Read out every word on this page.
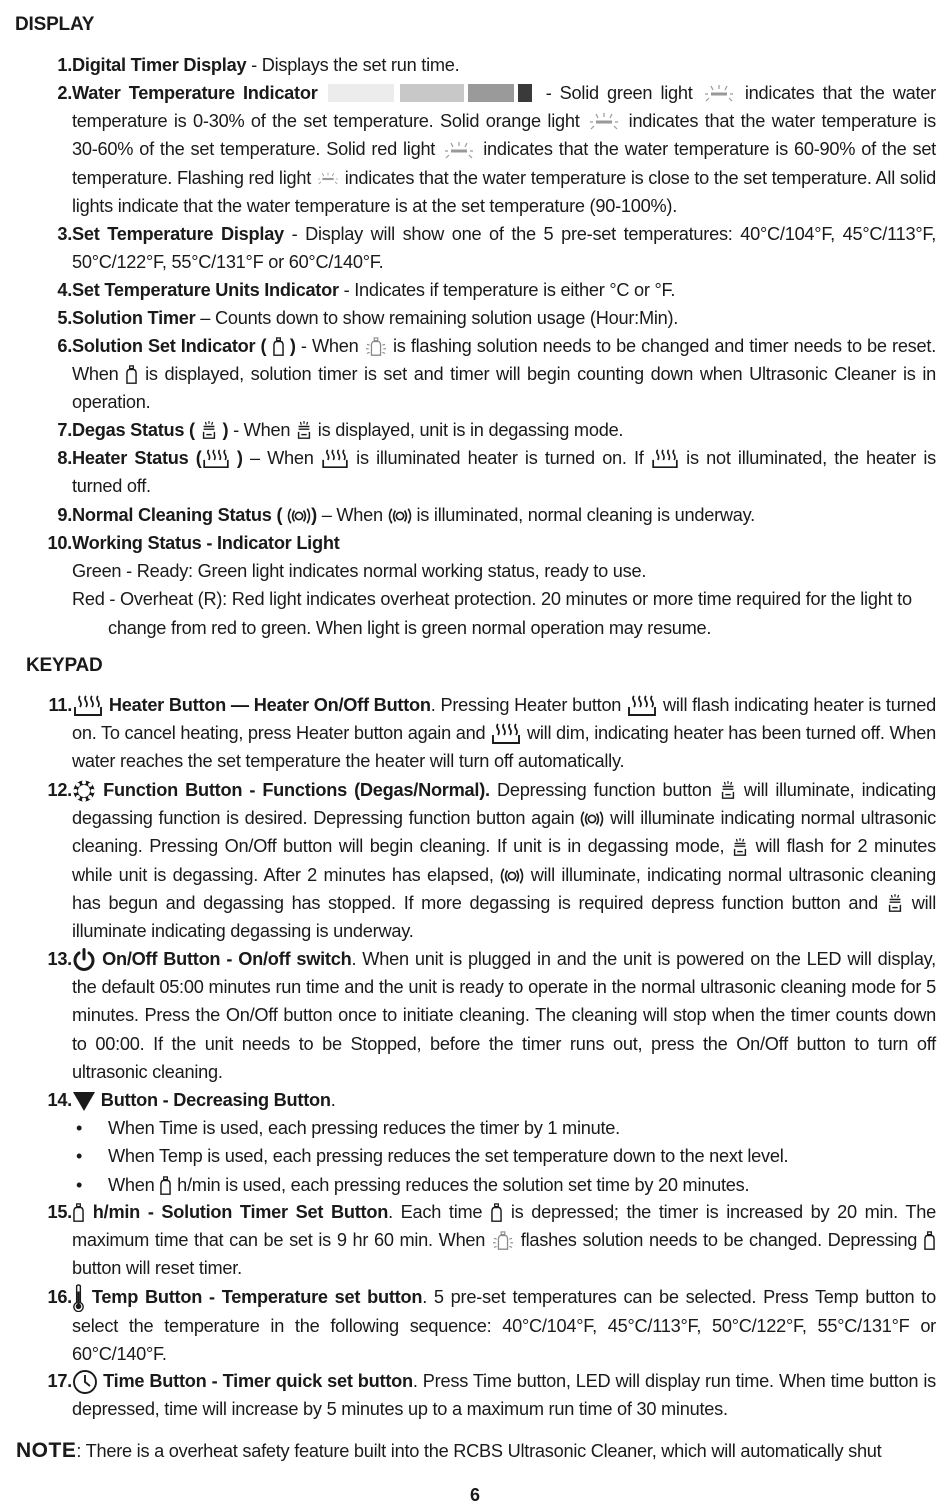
DISPLAY
1. Digital Timer Display - Displays the set run time.
2. Water Temperature Indicator	- Solid green light  indicates that the water temperature is 0-30% of the set temperature. Solid orange light  indicates that the water temperature is 30-60% of the set temperature. Solid red light  indicates that the water temperature is 60-90% of the set temperature. Flashing red light  indicates that the water temperature is close to the set temperature. All solid lights indicate that the water temperature is at the set temperature (90-100%).
3. Set Temperature Display - Display will show one of the 5 pre-set temperatures: 40°C/104°F, 45°C/113°F, 50°C/122°F, 55°C/131°F or 60°C/140°F.
4. Set Temperature Units Indicator - Indicates if temperature is either °C or °F.
5. Solution Timer – Counts down to show remaining solution usage (Hour:Min).
6. Solution Set Indicator (  ) - When  is flashing solution needs to be changed and timer needs to be reset. When  is displayed, solution timer is set and timer will begin counting down when Ultrasonic Cleaner is in operation.
7. Degas Status (  ) - When  is displayed, unit is in degassing mode.
8. Heater Status ( ) – When  is illuminated heater is turned on. If  is not illuminated, the heater is turned off.
9. Normal Cleaning Status ( ) – When  is illuminated, normal cleaning is underway.
10. Working Status - Indicator Light
Green - Ready: Green light indicates normal working status, ready to use.
Red - Overheat (R): Red light indicates overheat protection. 20 minutes or more time required for the light to change from red to green. When light is green normal operation may resume.
KEYPAD
11.	Heater Button — Heater On/Off Button. Pressing Heater button  will flash indicating heater is turned on. To cancel heating, press Heater button again and  will dim, indicating heater has been turned off. When water reaches the set temperature the heater will turn off automatically.
12.	Function Button - Functions (Degas/Normal). Depressing function button  will illuminate, indicating degassing function is desired. Depressing function button again  will illuminate indicating normal ultrasonic cleaning. Pressing On/Off button will begin cleaning. If unit is in degassing mode,  will flash for 2 minutes while unit is degassing. After 2 minutes has elapsed,  will illuminate, indicating normal ultrasonic cleaning has begun and degassing has stopped. If more degassing is required depress function button and  will illuminate indicating degassing is underway.
13.	On/Off Button - On/off switch. When unit is plugged in and the unit is powered on the LED will display, the default 05:00 minutes run time and the unit is ready to operate in the normal ultrasonic cleaning mode for 5 minutes. Press the On/Off button once to initiate cleaning. The cleaning will stop when the timer counts down to 00:00. If the unit needs to be Stopped, before the timer runs out, press the On/Off button to turn off ultrasonic cleaning.
14.	Button - Decreasing Button.
• When Time is used, each pressing reduces the timer by 1 minute.
• When Temp is used, each pressing reduces the set temperature down to the next level.
• When  h/min is used, each pressing reduces the solution set time by 20 minutes.
15. h/min - Solution Timer Set Button. Each time  is depressed; the timer is increased by 20 min. The maximum time that can be set is 9 hr 60 min. When  flashes solution needs to be changed. Depressing  button will reset timer.
16. Temp Button - Temperature set button. 5 pre-set temperatures can be selected. Press Temp button to select the temperature in the following sequence: 40°C/104°F, 45°C/113°F, 50°C/122°F, 55°C/131°F or 60°C/140°F.
17.	Time Button - Timer quick set button. Press Time button, LED will display run time. When time button is depressed, time will increase by 5 minutes up to a maximum run time of 30 minutes.
NOTE: There is a overheat safety feature built into the RCBS Ultrasonic Cleaner, which will automatically shut
6
